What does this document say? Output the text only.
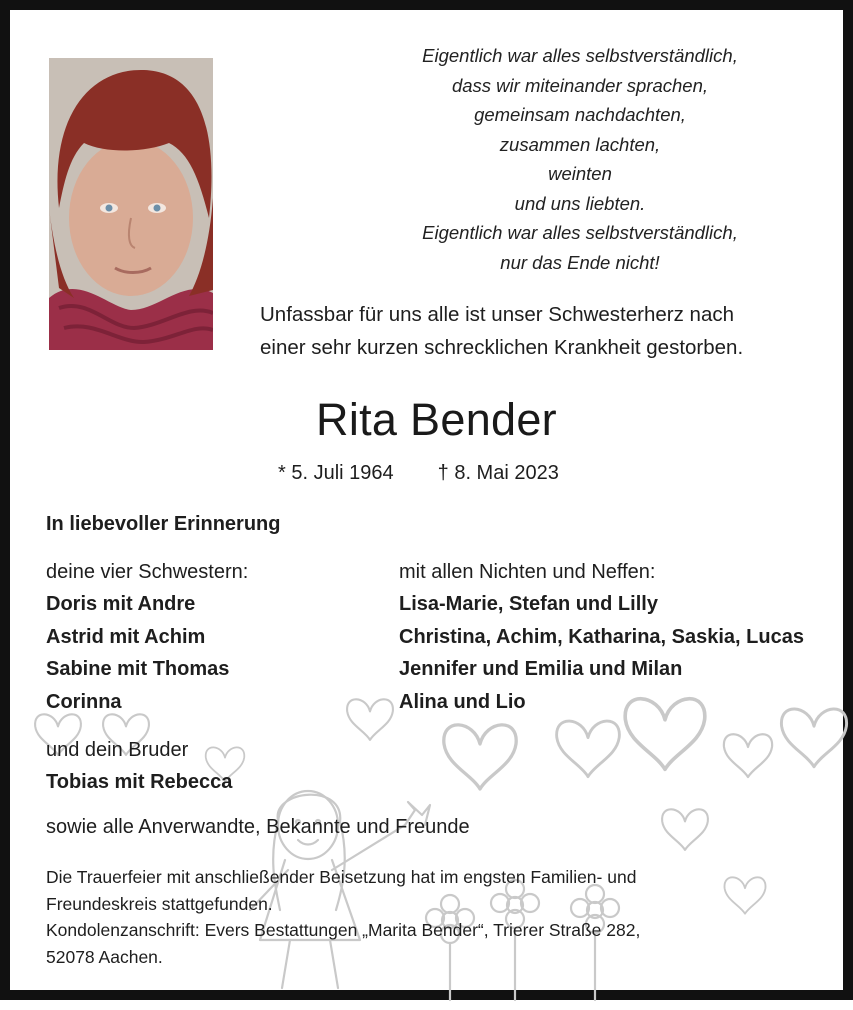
Eigentlich war alles selbstverständlich,
dass wir miteinander sprachen,
gemeinsam nachdachten,
zusammen lachten,
weinten
und uns liebten.
Eigentlich war alles selbstverständlich,
nur das Ende nicht!
Unfassbar für uns alle ist unser Schwesterherz nach
einer sehr kurzen schrecklichen Krankheit gestorben.
Rita Bender
* 5. Juli 1964 † 8. Mai 2023
In liebevoller Erinnerung
deine vier Schwestern:
Doris mit Andre
Astrid mit Achim
Sabine mit Thomas
Corinna
mit allen Nichten und Neffen:
Lisa-Marie, Stefan und Lilly
Christina, Achim, Katharina, Saskia, Lucas
Jennifer und Emilia und Milan
Alina und Lio
und dein Bruder
Tobias mit Rebecca
sowie alle Anverwandte, Bekannte und Freunde
Die Trauerfeier mit anschließender Beisetzung hat im engsten Familien- und
Freundeskreis stattgefunden.
Kondolenzanschrift: Evers Bestattungen „Marita Bender“, Trierer Straße 282,
52078 Aachen.
